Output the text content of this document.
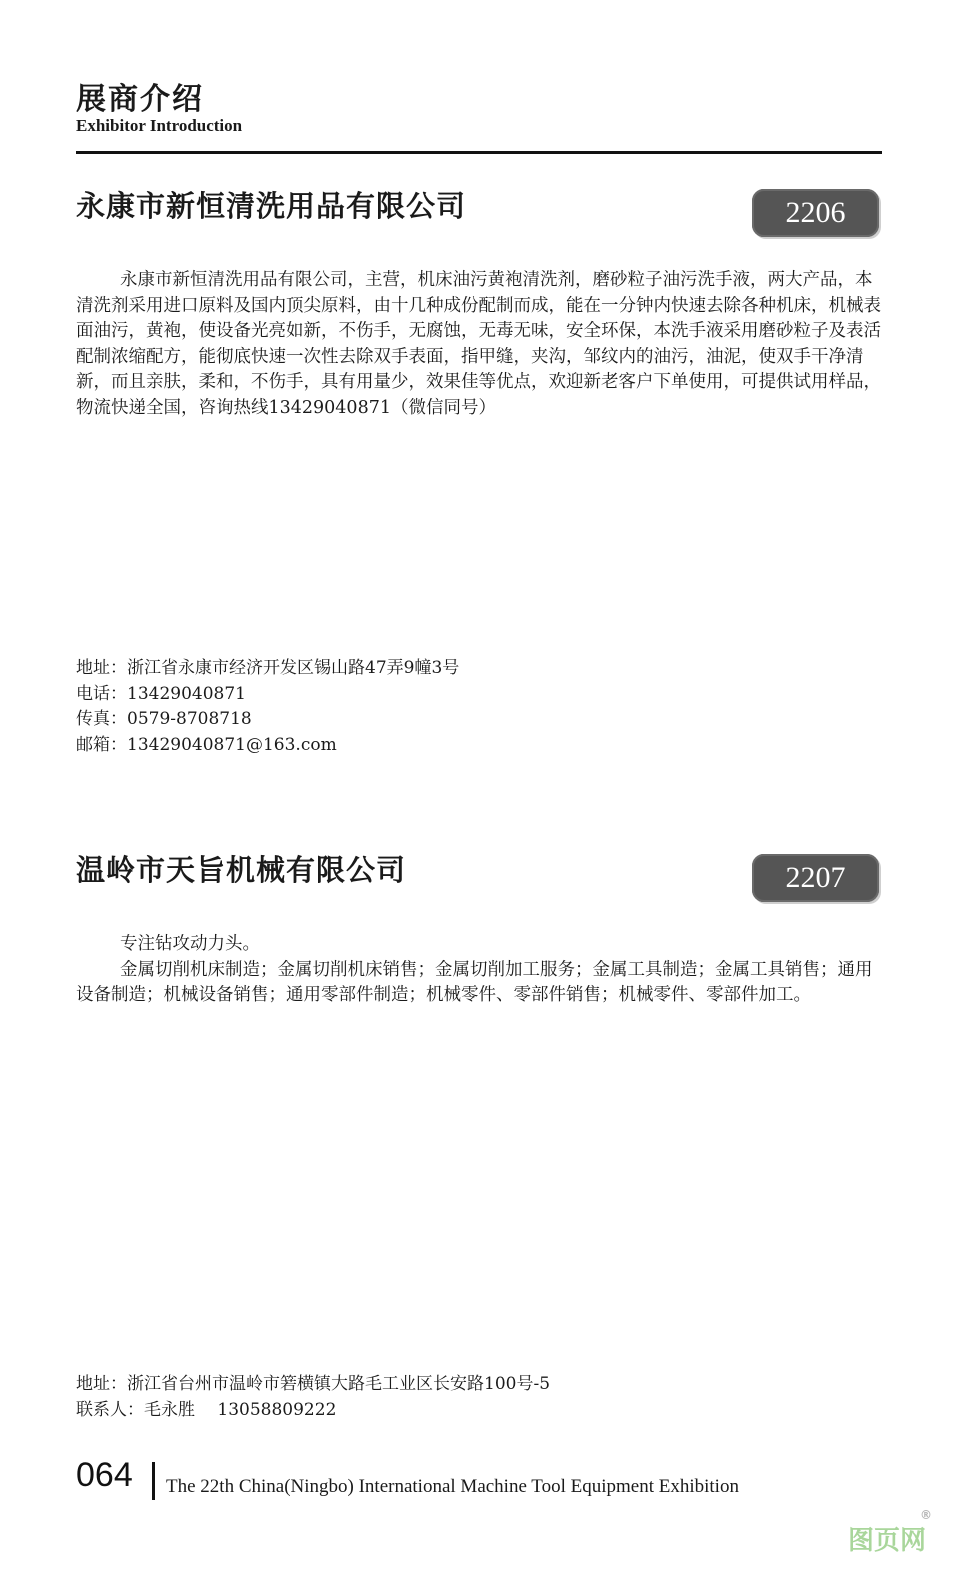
展商介绍
Exhibitor Introduction
永康市新恒清洗用品有限公司	2206

永康市新恒清洗用品有限公司，主营，机床油污黄袍清洗剂，磨砂粒子油污洗手液，两大产品，本清洗剂采用进口原料及国内顶尖原料，由十几种成份配制而成，能在一分钟内快速去除各种机床，机械表面油污，黄袍，使设备光亮如新，不伤手，无腐蚀，无毒无味，安全环保，本洗手液采用磨砂粒子及表活配制浓缩配方，能彻底快速一次性去除双手表面，指甲缝，夹沟，邹纹内的油污，油泥，使双手干净清新，而且亲肤，柔和，不伤手，具有用量少，效果佳等优点，欢迎新老客户下单使用，可提供试用样品，物流快递全国，咨询热线13429040871（微信同号）

地址：浙江省永康市经济开发区锡山路47弄9幢3号
电话：13429040871
传真：0579-8708718
邮箱：13429040871@163.com
温岭市天旨机械有限公司	2207

专注钻攻动力头。

金属切削机床制造；金属切削机床销售；金属切削加工服务；金属工具制造；金属工具销售；通用设备制造；机械设备销售；通用零部件制造；机械零件、零部件销售；机械零件、零部件加工。

地址：浙江省台州市温岭市箬横镇大路毛工业区长安路100号-5
联系人：毛永胜　 13058809222
064 The 22th China(Ningbo) International Machine Tool Equipment Exhibition
图页网
®
